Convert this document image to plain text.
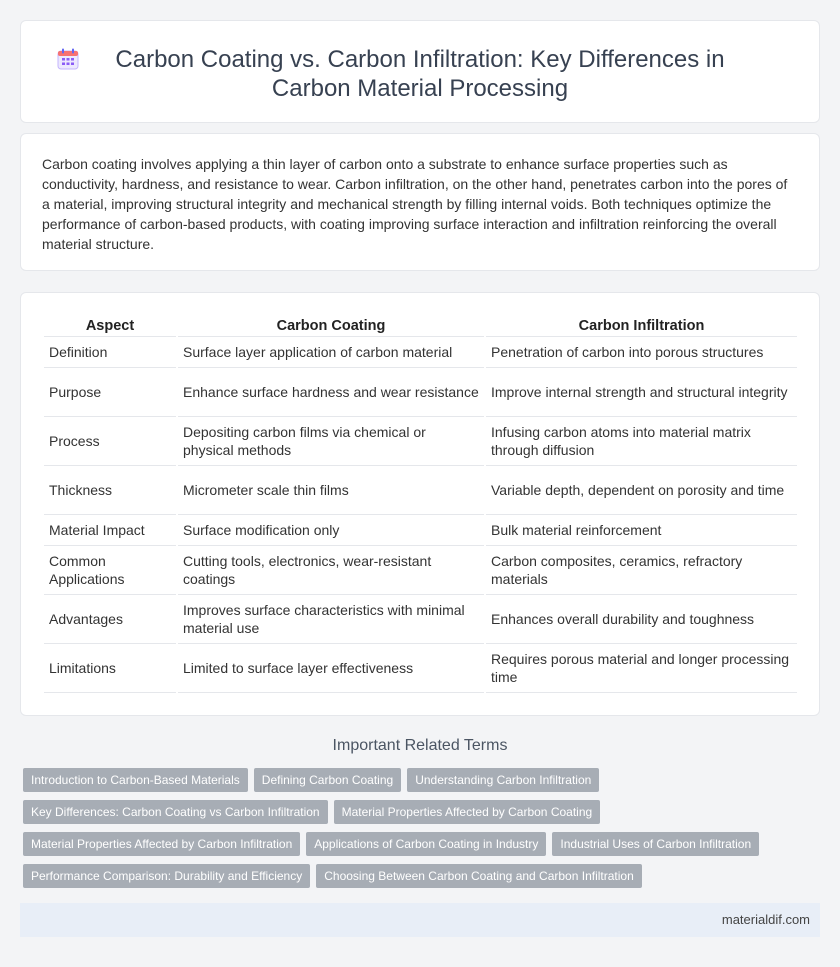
Carbon Coating vs. Carbon Infiltration: Key Differences in Carbon Material Processing

Carbon coating involves applying a thin layer of carbon onto a substrate to enhance surface properties such as conductivity, hardness, and resistance to wear. Carbon infiltration, on the other hand, penetrates carbon into the pores of a material, improving structural integrity and mechanical strength by filling internal voids. Both techniques optimize the performance of carbon-based products, with coating improving surface interaction and infiltration reinforcing the overall material structure.

Aspect	Carbon Coating	Carbon Infiltration
Definition	Surface layer application of carbon material	Penetration of carbon into porous structures
Purpose	Enhance surface hardness and wear resistance	Improve internal strength and structural integrity
Process	Depositing carbon films via chemical or physical methods	Infusing carbon atoms into material matrix through diffusion
Thickness	Micrometer scale thin films	Variable depth, dependent on porosity and time
Material Impact	Surface modification only	Bulk material reinforcement
Common Applications	Cutting tools, electronics, wear-resistant coatings	Carbon composites, ceramics, refractory materials
Advantages	Improves surface characteristics with minimal material use	Enhances overall durability and toughness
Limitations	Limited to surface layer effectiveness	Requires porous material and longer processing time
Important Related Terms
Introduction to Carbon-Based Materials Defining Carbon Coating Understanding Carbon Infiltration
Key Differences: Carbon Coating vs Carbon Infiltration Material Properties Affected by Carbon Coating
Material Properties Affected by Carbon Infiltration Applications of Carbon Coating in Industry Industrial Uses of Carbon Infiltration
Performance Comparison: Durability and Efficiency Choosing Between Carbon Coating and Carbon Infiltration
materialdif.com
